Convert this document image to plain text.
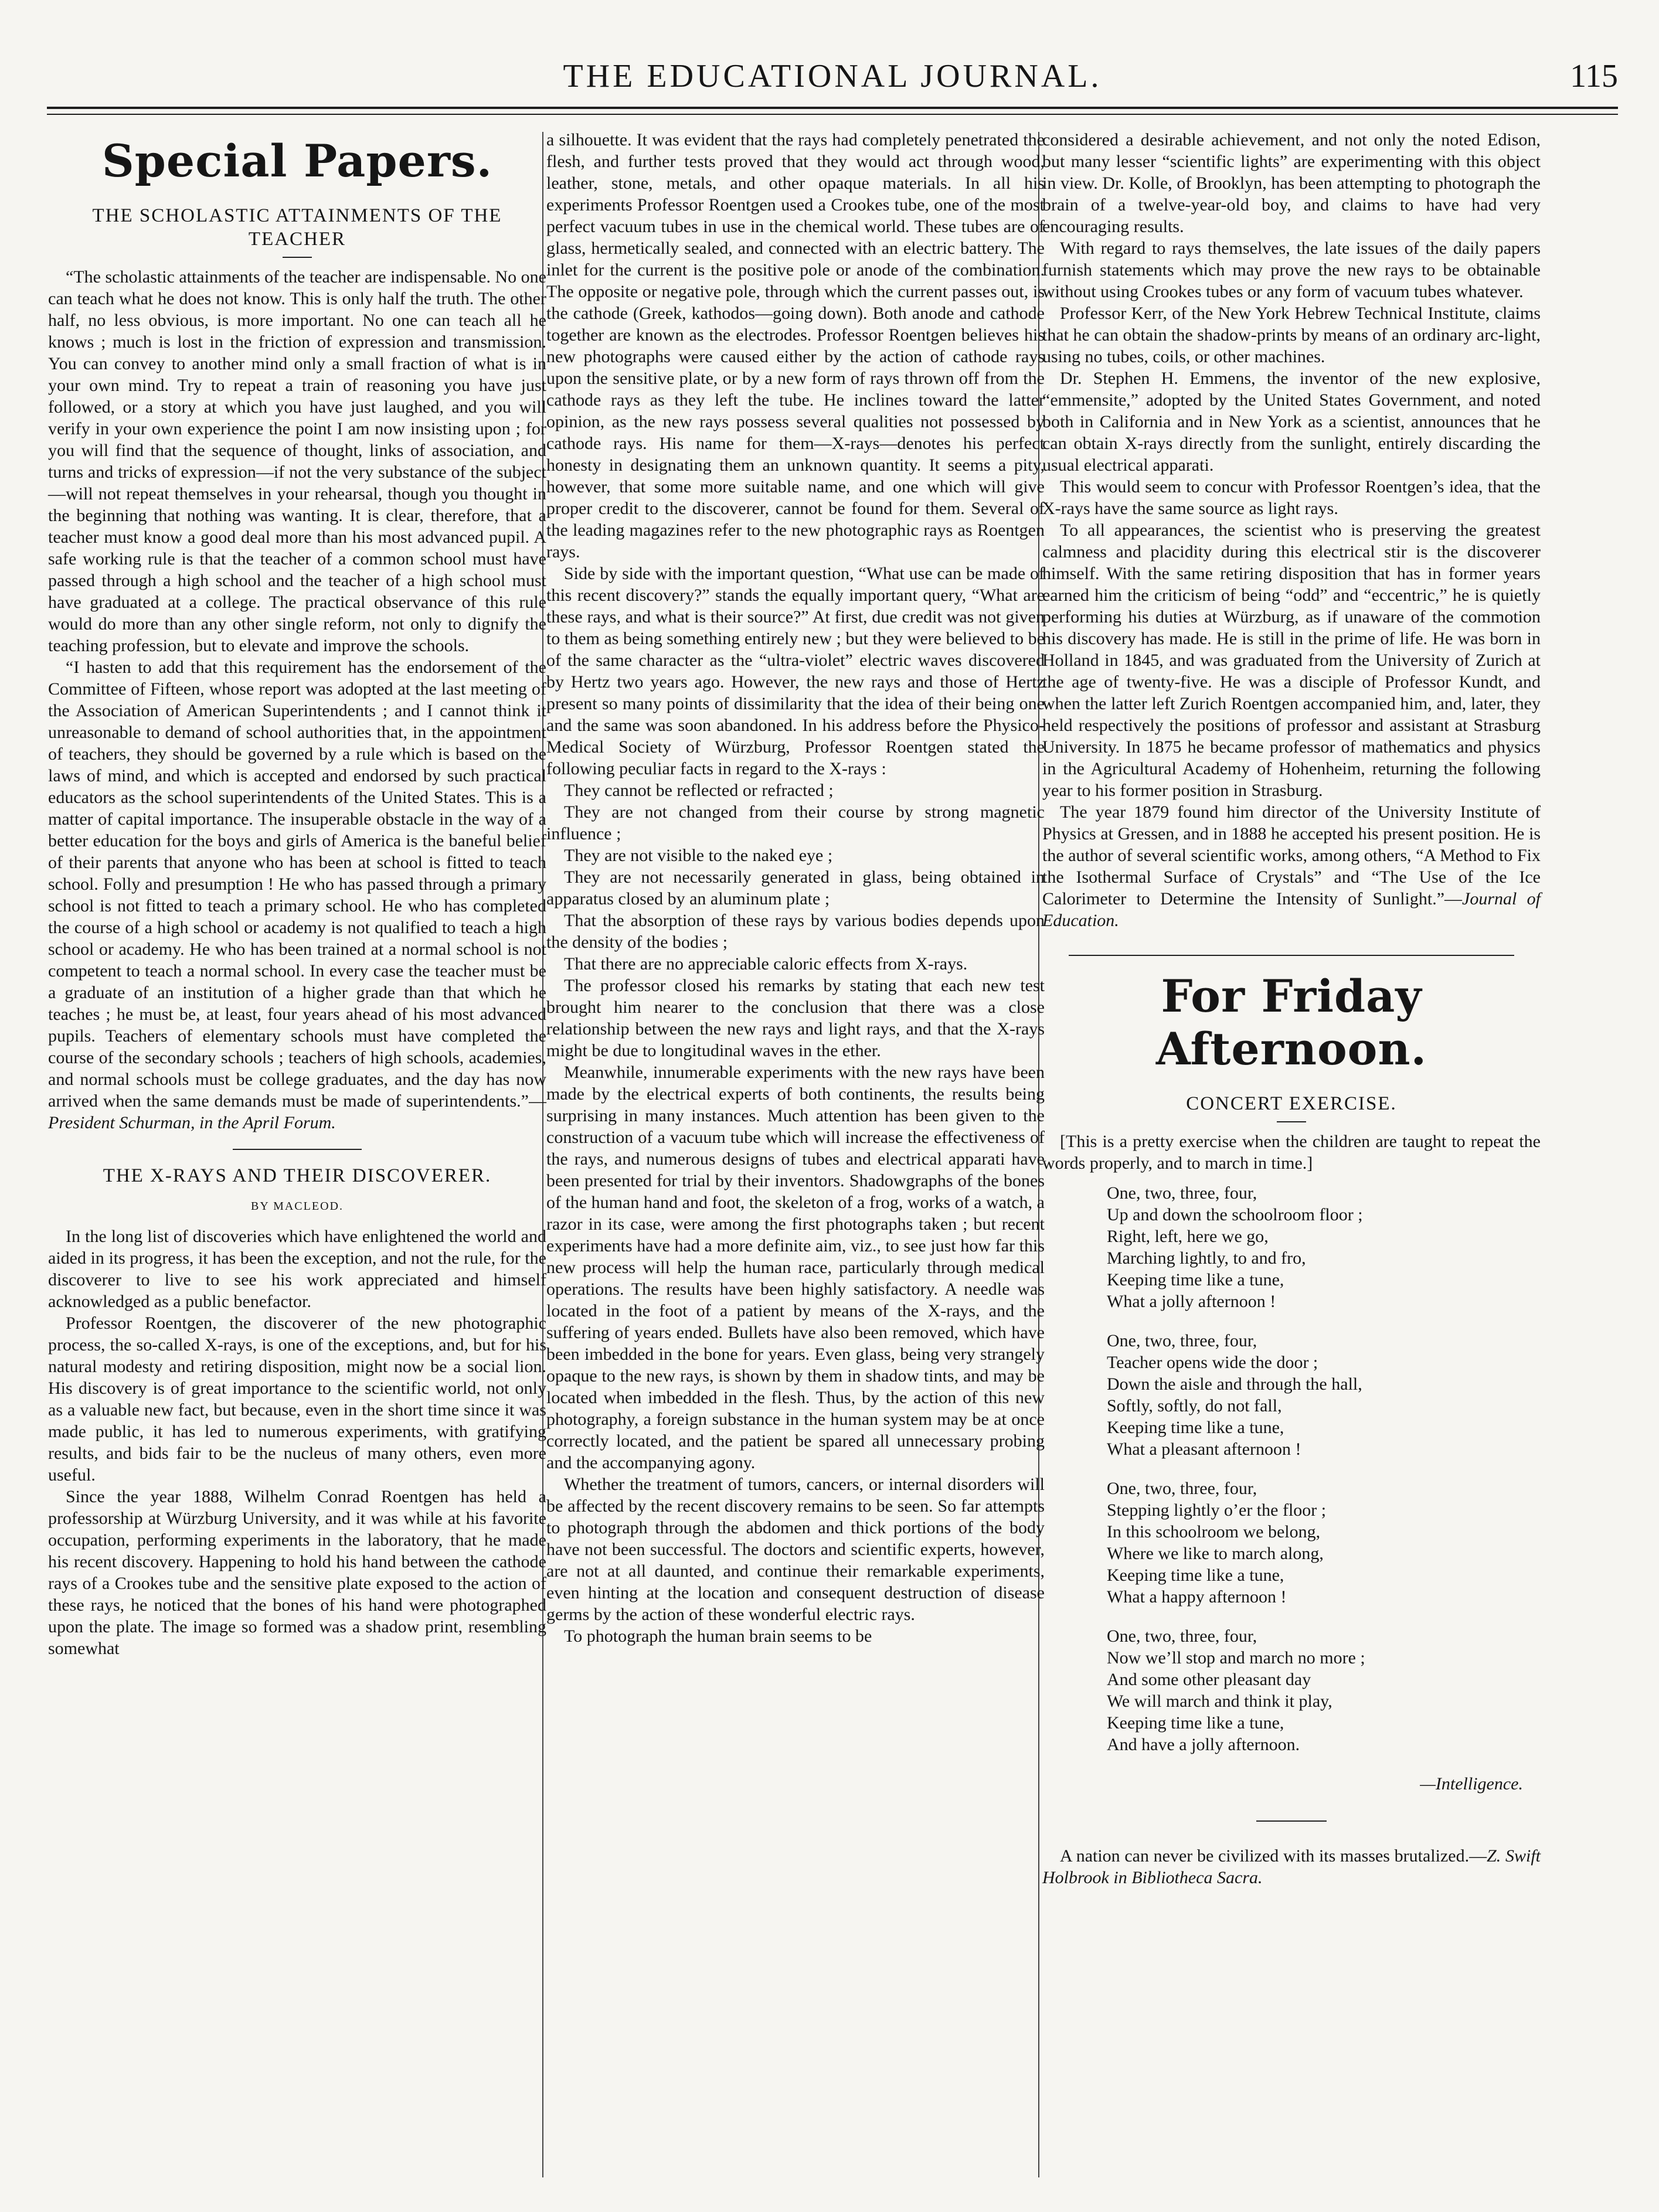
THE EDUCATIONAL JOURNAL.	115
Special Papers.
THE SCHOLASTIC ATTAINMENTS OF THE TEACHER

“The scholastic attainments of the teacher are indispensable. No one can teach what he does not know. This is only half the truth. The other half, no less obvious, is more important. No one can teach all he knows ; much is lost in the friction of expression and transmission. You can convey to another mind only a small fraction of what is in your own mind. Try to repeat a train of reasoning you have just followed, or a story at which you have just laughed, and you will verify in your own experience the point I am now insisting upon ; for you will find that the sequence of thought, links of association, and turns and tricks of expression—if not the very substance of the subject—will not repeat themselves in your rehearsal, though you thought in the beginning that nothing was wanting. It is clear, therefore, that a teacher must know a good deal more than his most advanced pupil. A safe working rule is that the teacher of a common school must have passed through a high school and the teacher of a high school must have graduated at a college. The practical observance of this rule would do more than any other single reform, not only to dignify the teaching profession, but to elevate and improve the schools.

“I hasten to add that this requirement has the endorsement of the Committee of Fifteen, whose report was adopted at the last meeting of the Association of American Superintendents ; and I cannot think it unreasonable to demand of school authorities that, in the appointment of teachers, they should be governed by a rule which is based on the laws of mind, and which is accepted and endorsed by such practical educators as the school superintendents of the United States. This is a matter of capital importance. The insuperable obstacle in the way of a better education for the boys and girls of America is the baneful belief of their parents that anyone who has been at school is fitted to teach school. Folly and presumption ! He who has passed through a primary school is not fitted to teach a primary school. He who has completed the course of a high school or academy is not qualified to teach a high school or academy. He who has been trained at a normal school is not competent to teach a normal school. In every case the teacher must be a graduate of an institution of a higher grade than that which he teaches ; he must be, at least, four years ahead of his most advanced pupils. Teachers of elementary schools must have completed the course of the secondary schools ; teachers of high schools, academies, and normal schools must be college graduates, and the day has now arrived when the same demands must be made of superintendents.”—President Schurman, in the April Forum.

THE X-RAYS AND THEIR DISCOVERER.
BY MACLEOD.

In the long list of discoveries which have enlightened the world and aided in its progress, it has been the exception, and not the rule, for the discoverer to live to see his work appreciated and himself acknowledged as a public benefactor.

Professor Roentgen, the discoverer of the new photographic process, the so-called X-rays, is one of the exceptions, and, but for his natural modesty and retiring disposition, might now be a social lion. His discovery is of great importance to the scientific world, not only as a valuable new fact, but because, even in the short time since it was made public, it has led to numerous experiments, with gratifying results, and bids fair to be the nucleus of many others, even more useful.

Since the year 1888, Wilhelm Conrad Roentgen has held a professorship at Würzburg University, and it was while at his favorite occupation, performing experiments in the laboratory, that he made his recent discovery. Happening to hold his hand between the cathode rays of a Crookes tube and the sensitive plate exposed to the action of these rays, he noticed that the bones of his hand were photographed upon the plate. The image so formed was a shadow print, resembling somewhat

a silhouette. It was evident that the rays had completely penetrated the flesh, and further tests proved that they would act through wood, leather, stone, metals, and other opaque materials. In all his experiments Professor Roentgen used a Crookes tube, one of the most perfect vacuum tubes in use in the chemical world. These tubes are of glass, hermetically sealed, and connected with an electric battery. The inlet for the current is the positive pole or anode of the combination. The opposite or negative pole, through which the current passes out, is the cathode (Greek, kathodos—going down). Both anode and cathode together are known as the electrodes. Professor Roentgen believes his new photographs were caused either by the action of cathode rays upon the sensitive plate, or by a new form of rays thrown off from the cathode rays as they left the tube. He inclines toward the latter opinion, as the new rays possess several qualities not possessed by cathode rays. His name for them—X-rays—denotes his perfect honesty in designating them an unknown quantity. It seems a pity, however, that some more suitable name, and one which will give proper credit to the discoverer, cannot be found for them. Several of the leading magazines refer to the new photographic rays as Roentgen rays.

Side by side with the important question, “What use can be made of this recent discovery?” stands the equally important query, “What are these rays, and what is their source?” At first, due credit was not given to them as being something entirely new ; but they were believed to be of the same character as the “ultra-violet” electric waves discovered by Hertz two years ago. However, the new rays and those of Hertz present so many points of dissimilarity that the idea of their being one and the same was soon abandoned. In his address before the Physico-Medical Society of Würzburg, Professor Roentgen stated the following peculiar facts in regard to the X-rays :

They cannot be reflected or refracted ;

They are not changed from their course by strong magnetic influence ;

They are not visible to the naked eye ;

They are not necessarily generated in glass, being obtained in apparatus closed by an aluminum plate ;

That the absorption of these rays by various bodies depends upon the density of the bodies ;

That there are no appreciable caloric effects from X-rays.

The professor closed his remarks by stating that each new test brought him nearer to the conclusion that there was a close relationship between the new rays and light rays, and that the X-rays might be due to longitudinal waves in the ether.

Meanwhile, innumerable experiments with the new rays have been made by the electrical experts of both continents, the results being surprising in many instances. Much attention has been given to the construction of a vacuum tube which will increase the effectiveness of the rays, and numerous designs of tubes and electrical apparati have been presented for trial by their inventors. Shadowgraphs of the bones of the human hand and foot, the skeleton of a frog, works of a watch, a razor in its case, were among the first photographs taken ; but recent experiments have had a more definite aim, viz., to see just how far this new process will help the human race, particularly through medical operations. The results have been highly satisfactory. A needle was located in the foot of a patient by means of the X-rays, and the suffering of years ended. Bullets have also been removed, which have been imbedded in the bone for years. Even glass, being very strangely opaque to the new rays, is shown by them in shadow tints, and may be located when imbedded in the flesh. Thus, by the action of this new photography, a foreign substance in the human system may be at once correctly located, and the patient be spared all unnecessary probing and the accompanying agony.

Whether the treatment of tumors, cancers, or internal disorders will be affected by the recent discovery remains to be seen. So far attempts to photograph through the abdomen and thick portions of the body have not been successful. The doctors and scientific experts, however, are not at all daunted, and continue their remarkable experiments, even hinting at the location and consequent destruction of disease germs by the action of these wonderful electric rays.

To photograph the human brain seems to be

considered a desirable achievement, and not only the noted Edison, but many lesser “scientific lights” are experimenting with this object in view. Dr. Kolle, of Brooklyn, has been attempting to photograph the brain of a twelve-year-old boy, and claims to have had very encouraging results.

With regard to rays themselves, the late issues of the daily papers furnish statements which may prove the new rays to be obtainable without using Crookes tubes or any form of vacuum tubes whatever.

Professor Kerr, of the New York Hebrew Technical Institute, claims that he can obtain the shadow-prints by means of an ordinary arc-light, using no tubes, coils, or other machines.

Dr. Stephen H. Emmens, the inventor of the new explosive, “emmensite,” adopted by the United States Government, and noted both in California and in New York as a scientist, announces that he can obtain X-rays directly from the sunlight, entirely discarding the usual electrical apparati.

This would seem to concur with Professor Roentgen’s idea, that the X-rays have the same source as light rays.

To all appearances, the scientist who is preserving the greatest calmness and placidity during this electrical stir is the discoverer himself. With the same retiring disposition that has in former years earned him the criticism of being “odd” and “eccentric,” he is quietly performing his duties at Würzburg, as if unaware of the commotion his discovery has made. He is still in the prime of life. He was born in Holland in 1845, and was graduated from the University of Zurich at the age of twenty-five. He was a disciple of Professor Kundt, and when the latter left Zurich Roentgen accompanied him, and, later, they held respectively the positions of professor and assistant at Strasburg University. In 1875 he became professor of mathematics and physics in the Agricultural Academy of Hohenheim, returning the following year to his former position in Strasburg.

The year 1879 found him director of the University Institute of Physics at Gressen, and in 1888 he accepted his present position. He is the author of several scientific works, among others, “A Method to Fix the Isothermal Surface of Crystals” and “The Use of the Ice Calorimeter to Determine the Intensity of Sunlight.”—Journal of Education.

For Friday Afternoon.
CONCERT EXERCISE.

[This is a pretty exercise when the children are taught to repeat the words properly, and to march in time.]

One, two, three, four,
Up and down the schoolroom floor ;
Right, left, here we go,
Marching lightly, to and fro,
Keeping time like a tune,
What a jolly afternoon !
One, two, three, four,
Teacher opens wide the door ;
Down the aisle and through the hall,
Softly, softly, do not fall,
Keeping time like a tune,
What a pleasant afternoon !
One, two, three, four,
Stepping lightly o’er the floor ;
In this schoolroom we belong,
Where we like to march along,
Keeping time like a tune,
What a happy afternoon !
One, two, three, four,
Now we’ll stop and march no more ;
And some other pleasant day
We will march and think it play,
Keeping time like a tune,
And have a jolly afternoon.
—Intelligence.

A nation can never be civilized with its masses brutalized.—Z. Swift Holbrook in Bibliotheca Sacra.
